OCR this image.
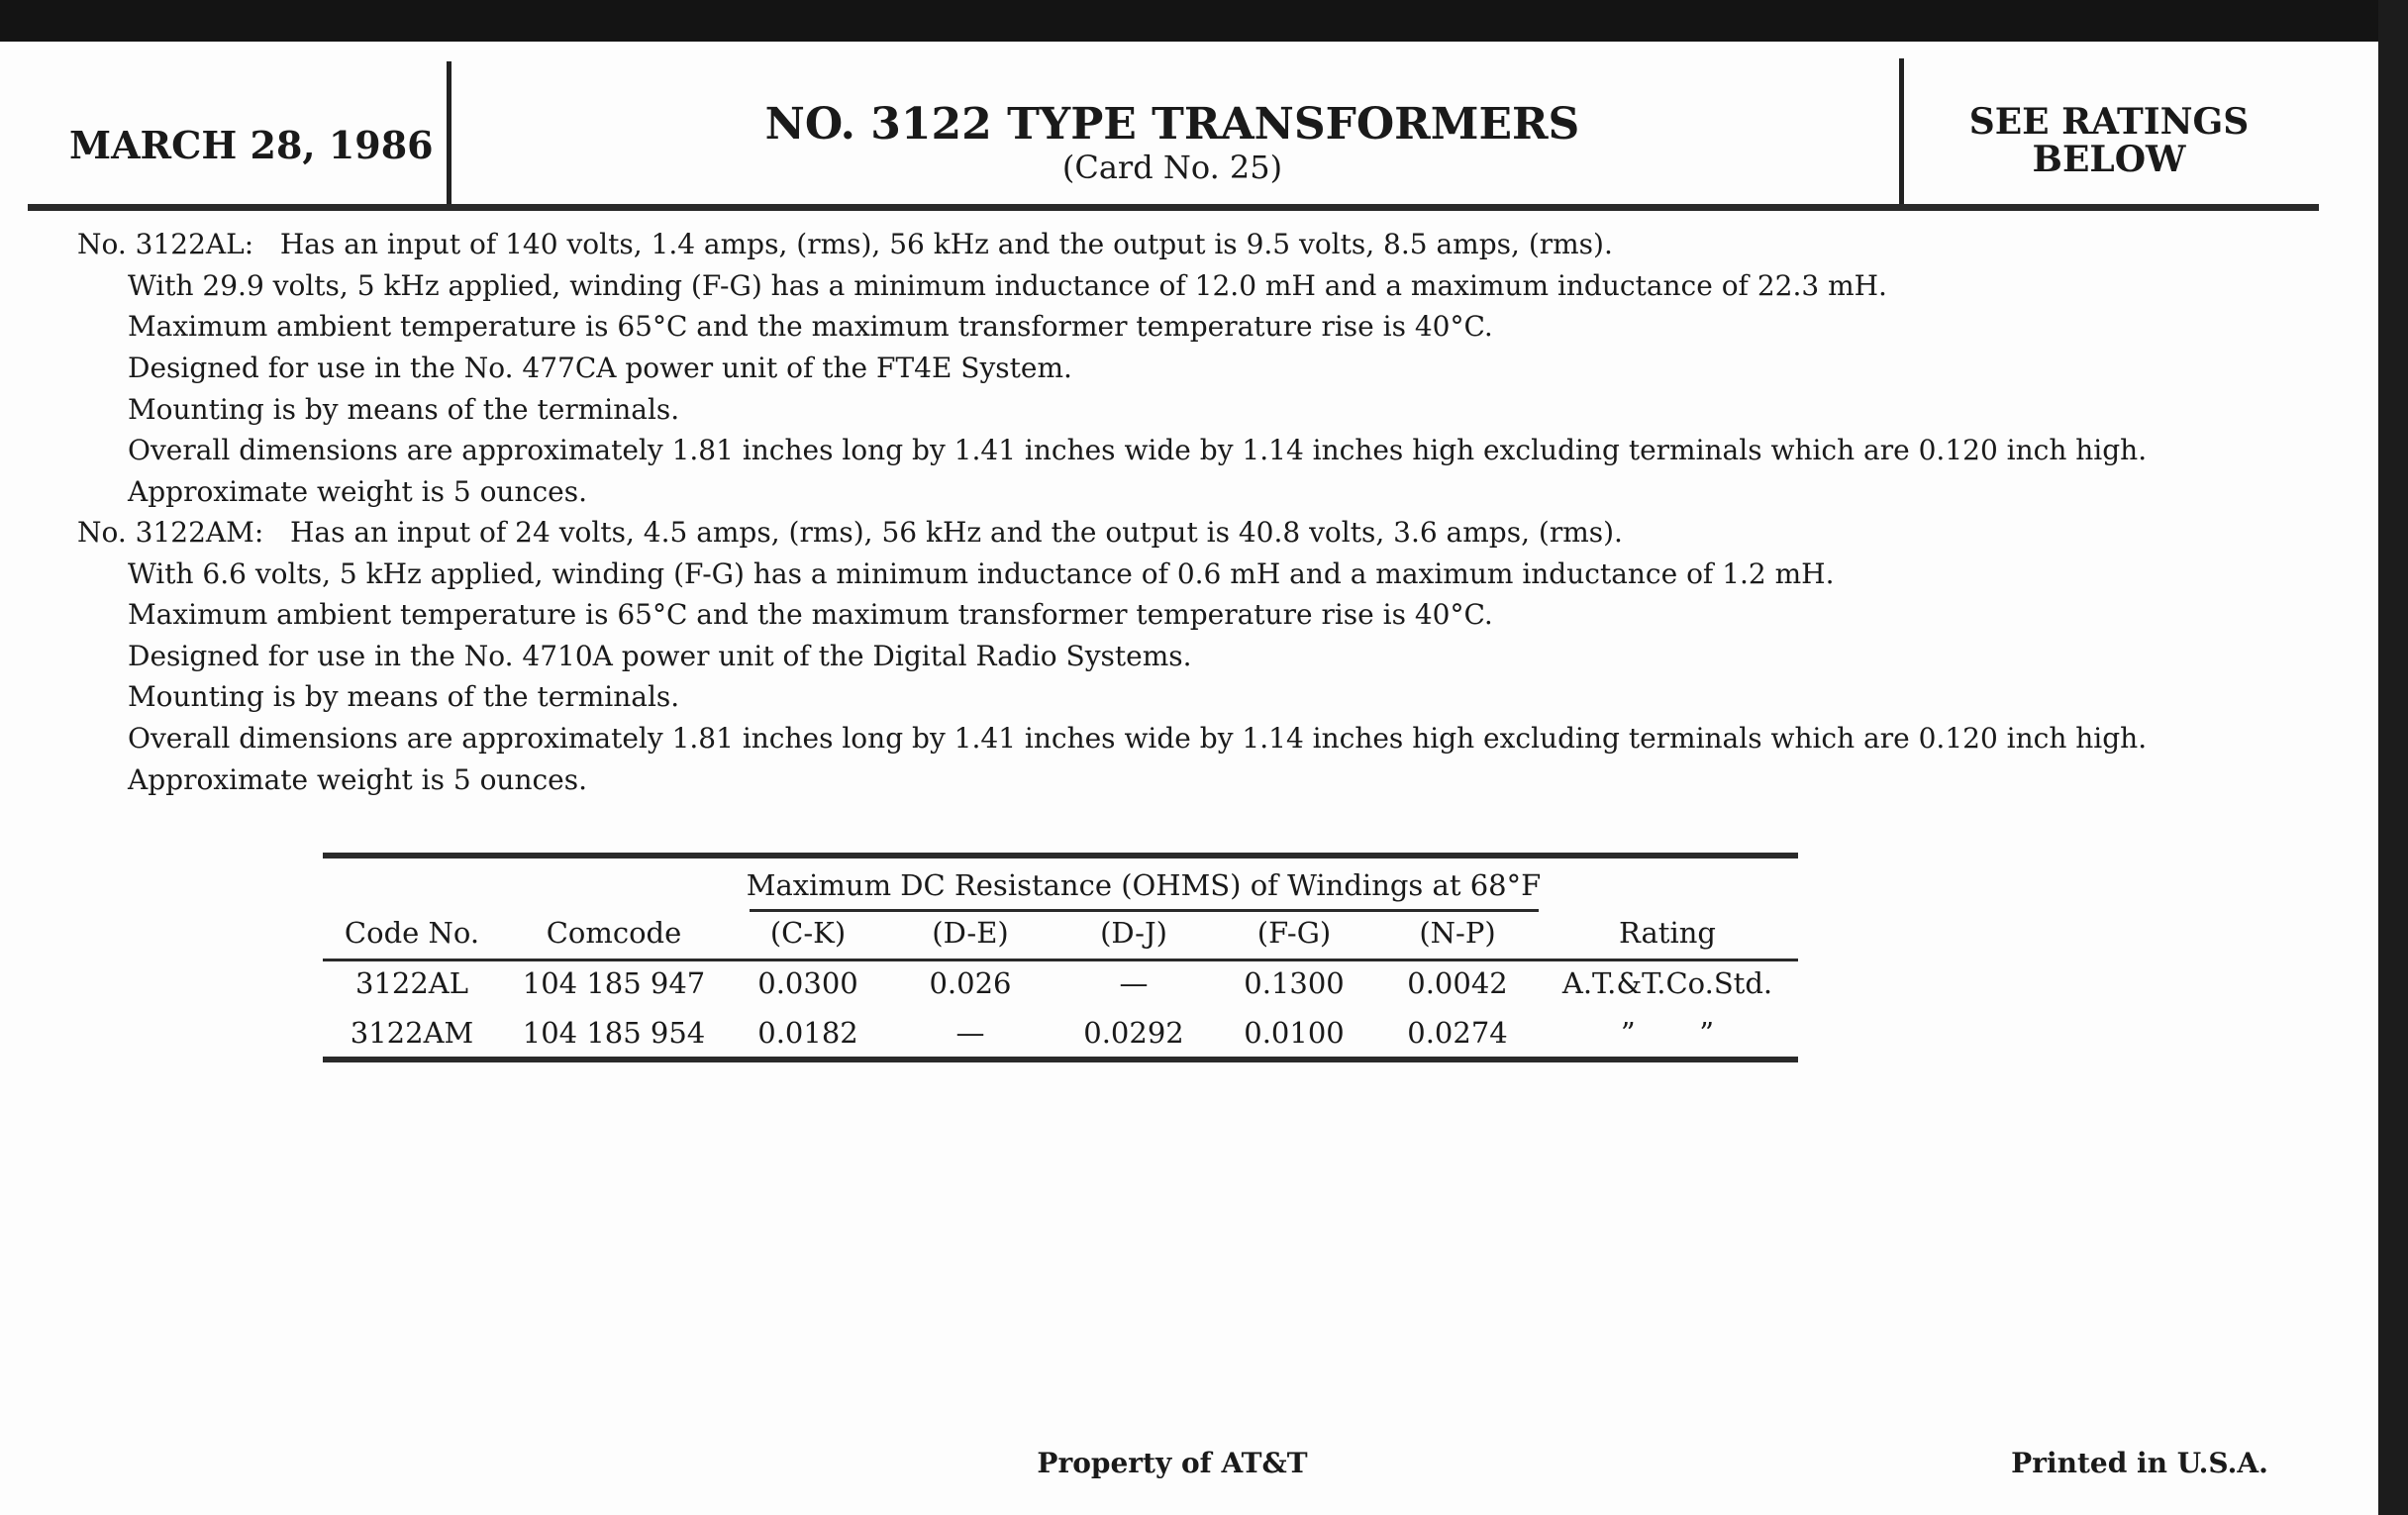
MARCH 28, 1986	NO. 3122 TYPE TRANSFORMERS
(Card No. 25)
SEE RATINGS
BELOW
No. 3122AL: Has an input of 140 volts, 1.4 amps, (rms), 56 kHz and the output is 9.5 volts, 8.5 amps, (rms).
With 29.9 volts, 5 kHz applied, winding (F-G) has a minimum inductance of 12.0 mH and a maximum inductance of 22.3 mH.
Maximum ambient temperature is 65°C and the maximum transformer temperature rise is 40°C.
Designed for use in the No. 477CA power unit of the FT4E System.
Mounting is by means of the terminals.
Overall dimensions are approximately 1.81 inches long by 1.41 inches wide by 1.14 inches high excluding terminals which are 0.120 inch high.
Approximate weight is 5 ounces.
No. 3122AM: Has an input of 24 volts, 4.5 amps, (rms), 56 kHz and the output is 40.8 volts, 3.6 amps, (rms).
With 6.6 volts, 5 kHz applied, winding (F-G) has a minimum inductance of 0.6 mH and a maximum inductance of 1.2 mH.
Maximum ambient temperature is 65°C and the maximum transformer temperature rise is 40°C.
Designed for use in the No. 4710A power unit of the Digital Radio Systems.
Mounting is by means of the terminals.
Overall dimensions are approximately 1.81 inches long by 1.41 inches wide by 1.14 inches high excluding terminals which are 0.120 inch high.
Approximate weight is 5 ounces.
Maximum DC Resistance (OHMS) of Windings at 68°F
Code No. Comcode	(C-K)	(D-E)	(D-J)	(F-G)	(N-P)	Rating
3122AL 104 185 947 0.0300 0.026	—	0.1300 0.0042 A.T.&T.Co.Std.
3122AM 104 185 954 0.0182	—	0.0292 0.0100 0.0274	”       ”
Property of AT&T	Printed in U.S.A.
